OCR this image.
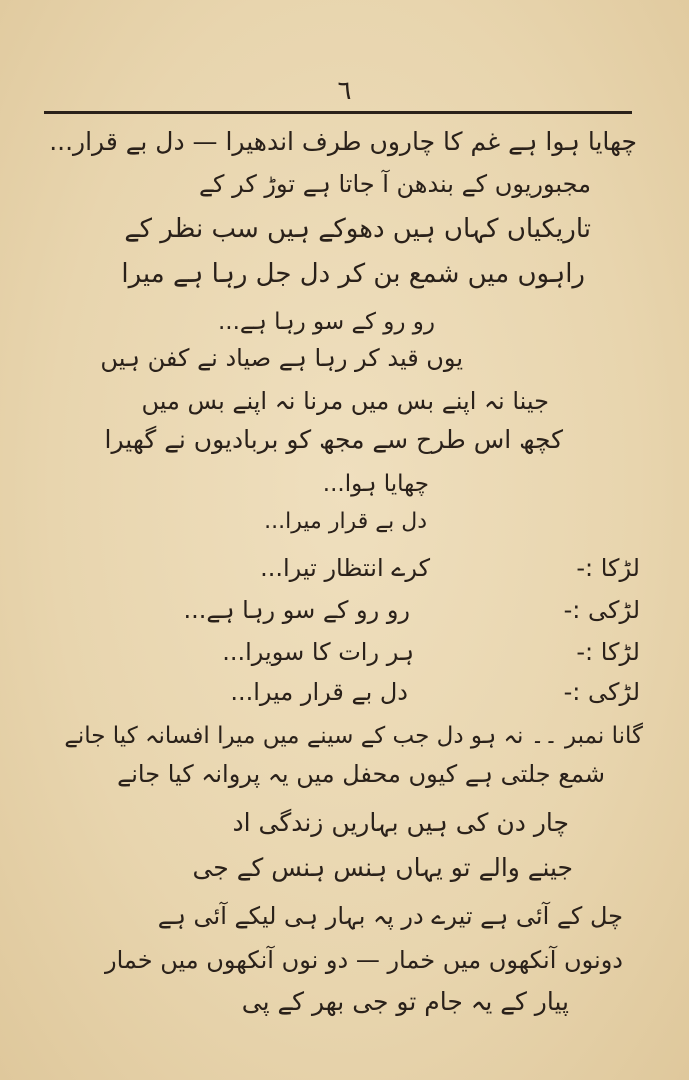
٦
چھایا ہوا ہے غم کا چاروں طرف اندھیرا — دل بے قرار...
مجبوریوں کے بندھن آ جاتا ہے توڑ کر کے
تاریکیاں کہاں ہیں دھوکے ہیں سب نظر کے
راہوں میں شمع بن کر دل جل رہا ہے میرا
رو رو کے سو رہا ہے...
یوں قید کر رہا ہے صیاد نے کفن ہیں
جینا نہ اپنے بس میں مرنا نہ اپنے بس میں
کچھ اس طرح سے مجھ کو بربادیوں نے گھیرا
چھایا ہوا...
دل بے قرار میرا...
لڑکا :-
کرے انتظار تیرا...
لڑکی :-
رو رو کے سو رہا ہے...
لڑکا :-
ہر رات کا سویرا...
لڑکی :-
دل بے قرار میرا...
گانا نمبر ۔۔ نہ ہو دل جب کے سینے میں میرا افسانہ کیا جانے
شمع جلتی ہے کیوں محفل میں یہ پروانہ کیا جانے
چار دن کی ہیں بہاریں زندگی اد
جینے والے تو یہاں ہنس ہنس کے جی
چل کے آئی ہے تیرے در پہ بہار ہی لیکے آئی ہے
دونوں آنکھوں میں خمار — دو نوں آنکھوں میں خمار
پیار کے یہ جام تو جی بھر کے پی
